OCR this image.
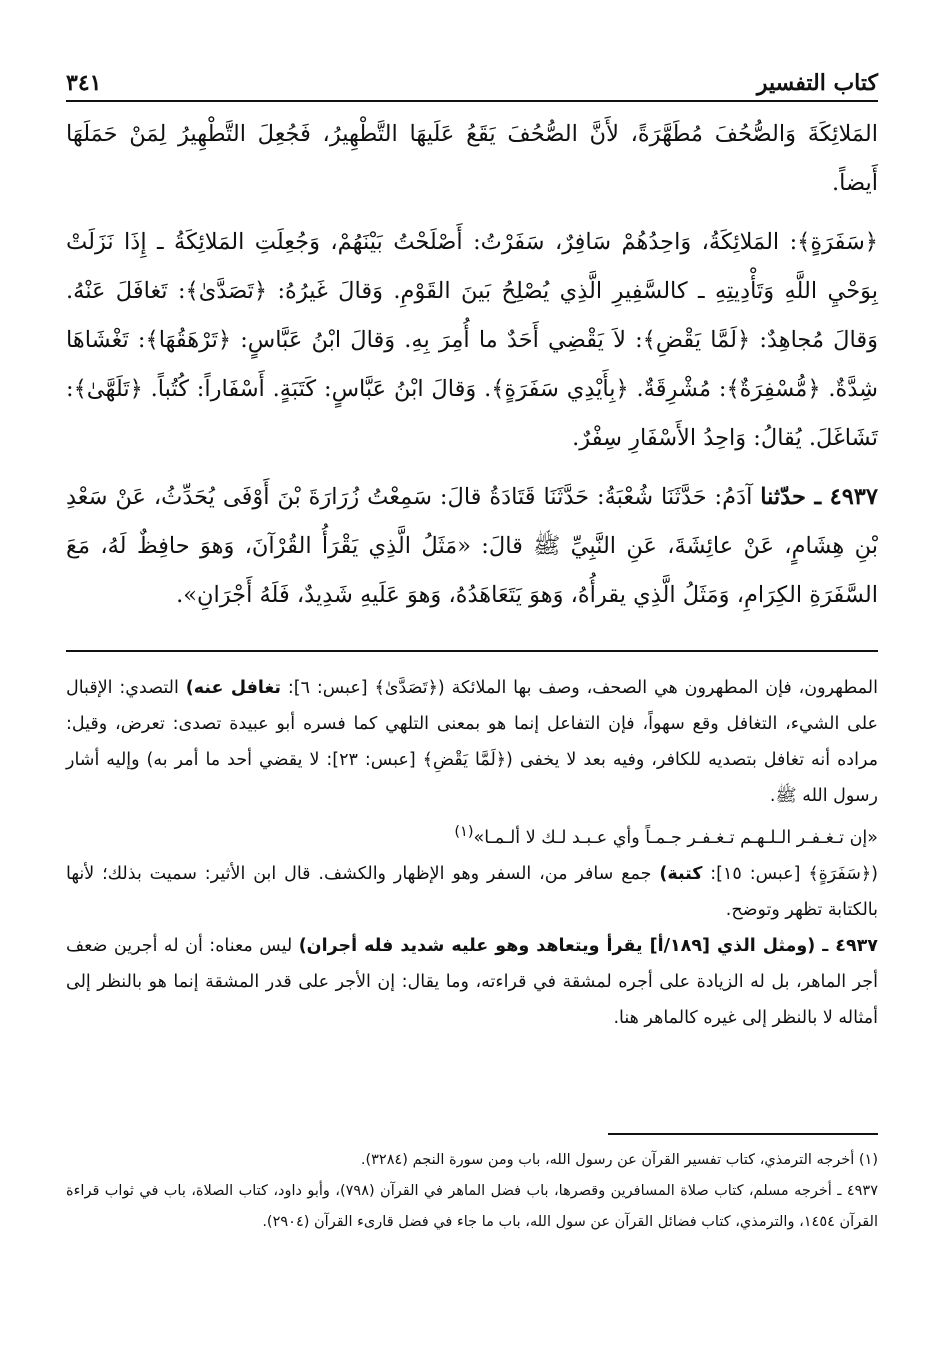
كتاب التفسير
٣٤١

المَلائِكَةَ وَالصُّحُفَ مُطَهَّرَةً، لأَنَّ الصُّحُفَ يَقَعُ عَلَيهَا التَّطْهِيرُ، فَجُعِلَ التَّطْهِيرُ لِمَنْ حَمَلَهَا أَيضاً.

﴿سَفَرَةٍ﴾: المَلائِكَةُ، وَاحِدُهُمْ سَافِرٌ، سَفَرْتُ: أَصْلَحْتُ بَيْنَهُمْ، وَجُعِلَتِ المَلائِكَةُ ـ إِذَا نَزَلَتْ بِوَحْيِ اللَّهِ وَتَأْدِيتِهِ ـ كالسَّفِيرِ الَّذِي يُصْلِحُ بَينَ القَوْمِ. وَقالَ غَيرُهُ: ﴿تَصَدَّىٰ﴾: تَغافَلَ عَنْهُ. وَقالَ مُجاهِدٌ: ﴿لَمَّا يَقْضِ﴾: لاَ يَقْضِي أَحَدٌ ما أُمِرَ بِهِ. وَقالَ ابْنُ عَبَّاسٍ: ﴿تَرْهَقُهَا﴾: تَغْشَاهَا شِدَّةٌ. ﴿مُّسْفِرَةٌ﴾: مُشْرِقَةٌ. ﴿بِأَيْدِي سَفَرَةٍ﴾. وَقالَ ابْنُ عَبَّاسٍ: كَتَبَةٍ. أَسْفَاراً: كُتُباً. ﴿تَلَهَّىٰ﴾: تَشَاغَلَ. يُقالُ: وَاحِدُ الأَسْفَارِ سِفْرٌ.

٤٩٣٧ ـ حدّثنا آدَمُ: حَدَّثَنَا شُعْبَةُ: حَدَّثَنَا قَتَادَةُ قالَ: سَمِعْتُ زُرَارَةَ بْنَ أَوْفَى يُحَدِّثُ، عَنْ سَعْدِ بْنِ هِشَامٍ، عَنْ عائِشَةَ، عَنِ النَّبِيِّ ﷺ قالَ: «مَثَلُ الَّذِي يَقْرَأُ القُرْآنَ، وَهوَ حافِظٌ لَهُ، مَعَ السَّفَرَةِ الكِرَامِ، وَمَثَلُ الَّذِي يقرأُهُ، وَهوَ يَتَعَاهَدُهُ، وَهوَ عَلَيهِ شَدِيدٌ، فَلَهُ أَجْرَانِ».

المطهرون، فإن المطهرون هي الصحف، وصف بها الملائكة (﴿تَصَدَّىٰ﴾ [عبس: ٦]: تغافل عنه) التصدي: الإقبال على الشيء، التغافل وقع سهواً، فإن التفاعل إنما هو بمعنى التلهي كما فسره أبو عبيدة تصدى: تعرض، وقيل: مراده أنه تغافل بتصديه للكافر، وفيه بعد لا يخفى (﴿لَمَّا يَقْضِ﴾ [عبس: ٢٣]: لا يقضي أحد ما أمر به) وإليه أشار رسول الله ﷺ.

«إن تـغـفـر الـلـهـم تـغـفـر جـمـاً وأي عـبـد لـك لا ألـمـا»$^{(١)}$

(﴿سَفَرَةٍ﴾ [عبس: ١٥]: كتبة) جمع سافر من، السفر وهو الإظهار والكشف. قال ابن الأثير: سميت بذلك؛ لأنها بالكتابة تظهر وتوضح.

٤٩٣٧ ـ (ومثل الذي [١٨٩/أ] يقرأ ويتعاهد وهو عليه شديد فله أجران) ليس معناه: أن له أجرين ضعف أجر الماهر، بل له الزيادة على أجره لمشقة في قراءته، وما يقال: إن الأجر على قدر المشقة إنما هو بالنظر إلى أمثاله لا بالنظر إلى غيره كالماهر هنا.

(١) أخرجه الترمذي، كتاب تفسير القرآن عن رسول الله، باب ومن سورة النجم (٣٢٨٤).

٤٩٣٧ ـ أخرجه مسلم، كتاب صلاة المسافرين وقصرها، باب فضل الماهر في القرآن (٧٩٨)، وأبو داود، كتاب الصلاة، باب في ثواب قراءة القرآن ١٤٥٤، والترمذي، كتاب فضائل القرآن عن سول الله، باب ما جاء في فضل قارىء القرآن (٢٩٠٤).
